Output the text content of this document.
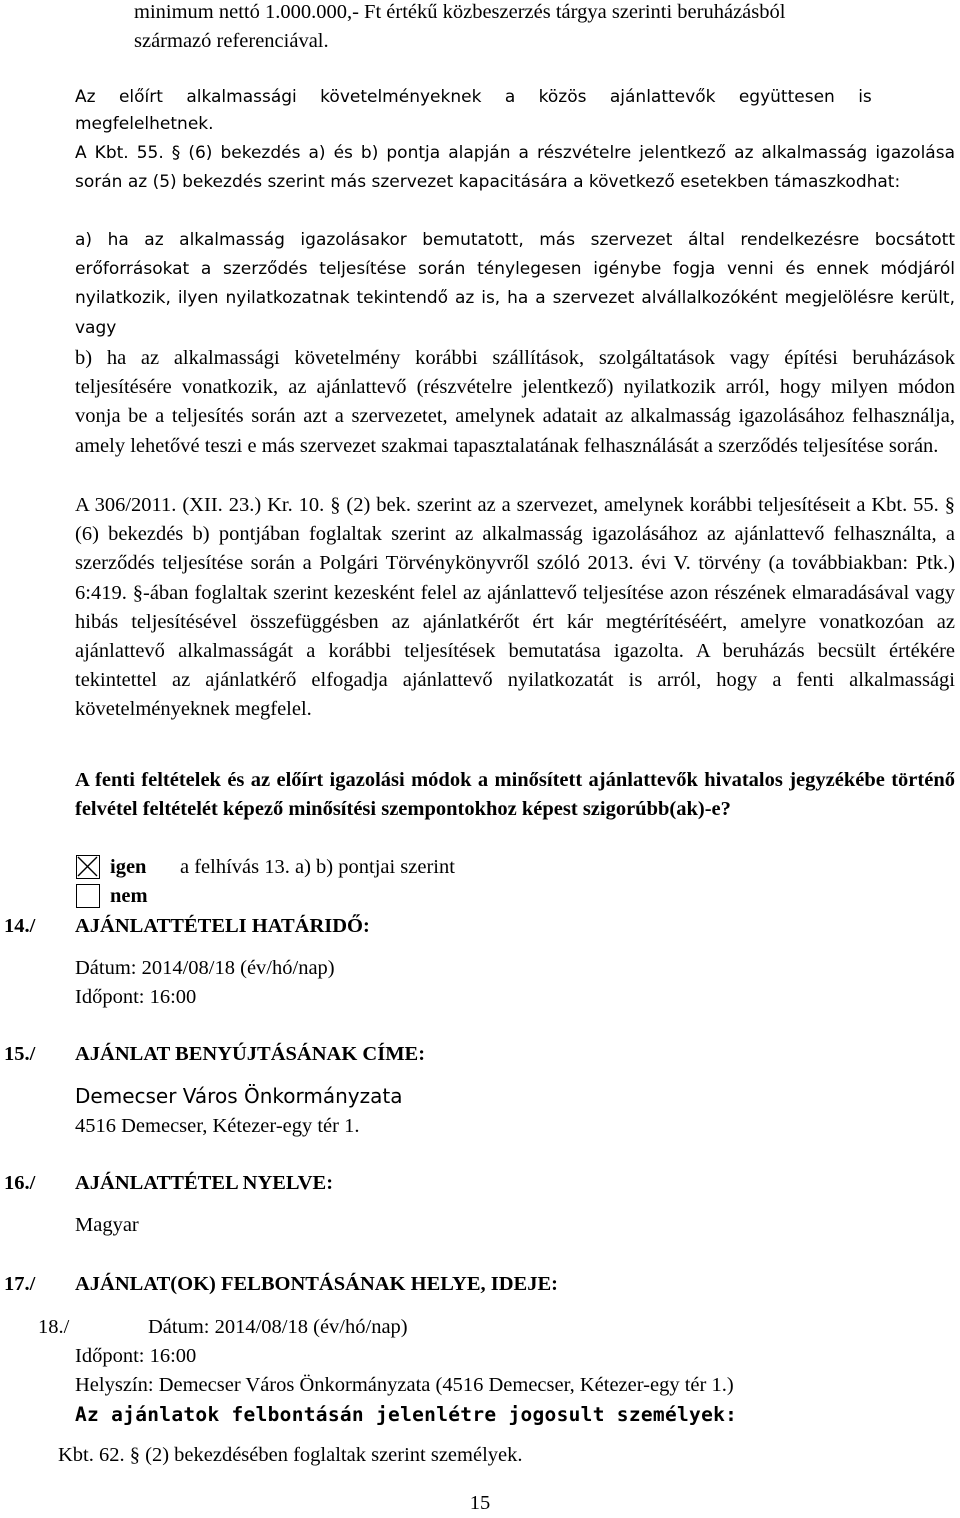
minimum nettó 1.000.000,- Ft értékű közbeszerzés tárgya szerinti beruházásból
származó referenciával.
Az előírt alkalmassági követelményeknek a közös ajánlattevők együttesen is
megfelelhetnek.
A Kbt. 55. § (6) bekezdés a) és b) pontja alapján a részvételre jelentkező az alkalmasság igazolása során az (5) bekezdés szerint más szervezet kapacitására a következő esetekben támaszkodhat:
a) ha az alkalmasság igazolásakor bemutatott, más szervezet által rendelkezésre bocsátott erőforrásokat a szerződés teljesítése során ténylegesen igénybe fogja venni és ennek módjáról nyilatkozik, ilyen nyilatkozatnak tekintendő az is, ha a szervezet alvállalkozóként megjelölésre került, vagy
b) ha az alkalmassági követelmény korábbi szállítások, szolgáltatások vagy építési beruházások teljesítésére vonatkozik, az ajánlattevő (részvételre jelentkező) nyilatkozik arról, hogy milyen módon vonja be a teljesítés során azt a szervezetet, amelynek adatait az alkalmasság igazolásához felhasználja, amely lehetővé teszi e más szervezet szakmai tapasztalatának felhasználását a szerződés teljesítése során.
A 306/2011. (XII. 23.) Kr. 10. § (2) bek. szerint az a szervezet, amelynek korábbi teljesítéseit a Kbt. 55. § (6) bekezdés b) pontjában foglaltak szerint az alkalmasság igazolásához az ajánlattevő felhasználta, a szerződés teljesítése során a Polgári Törvénykönyvről szóló 2013. évi V. törvény (a továbbiakban: Ptk.) 6:419. §-ában foglaltak szerint kezesként felel az ajánlattevő teljesítése azon részének elmaradásával vagy hibás teljesítésével összefüggésben az ajánlatkérőt ért kár megtérítéséért, amelyre vonatkozóan az ajánlattevő alkalmasságát a korábbi teljesítések bemutatása igazolta. A beruházás becsült értékére tekintettel az ajánlatkérő elfogadja ajánlattevő nyilatkozatát is arról, hogy a fenti alkalmassági követelményeknek megfelel.
A fenti feltételek és az előírt igazolási módok a minősített ajánlattevők hivatalos jegyzékébe történő felvétel feltételét képező minősítési szempontokhoz képest szigorúbb(ak)-e?
igen a felhívás 13. a) b) pontjai szerint
nem
14./ AJÁNLATTÉTELI HATÁRIDŐ:
Dátum: 2014/08/18 (év/hó/nap)
Időpont: 16:00
15./ AJÁNLAT BENYÚJTÁSÁNAK CÍME:
Demecser Város Önkormányzata
4516 Demecser, Kétezer-egy tér 1.
16./ AJÁNLATTÉTEL NYELVE:
Magyar
17./ AJÁNLAT(OK) FELBONTÁSÁNAK HELYE, IDEJE:
18./	Dátum: 2014/08/18 (év/hó/nap)
Időpont: 16:00
Helyszín: Demecser Város Önkormányzata (4516 Demecser, Kétezer-egy tér 1.)
Az ajánlatok felbontásán jelenlétre jogosult személyek:
Kbt. 62. § (2) bekezdésében foglaltak szerint személyek.
15
